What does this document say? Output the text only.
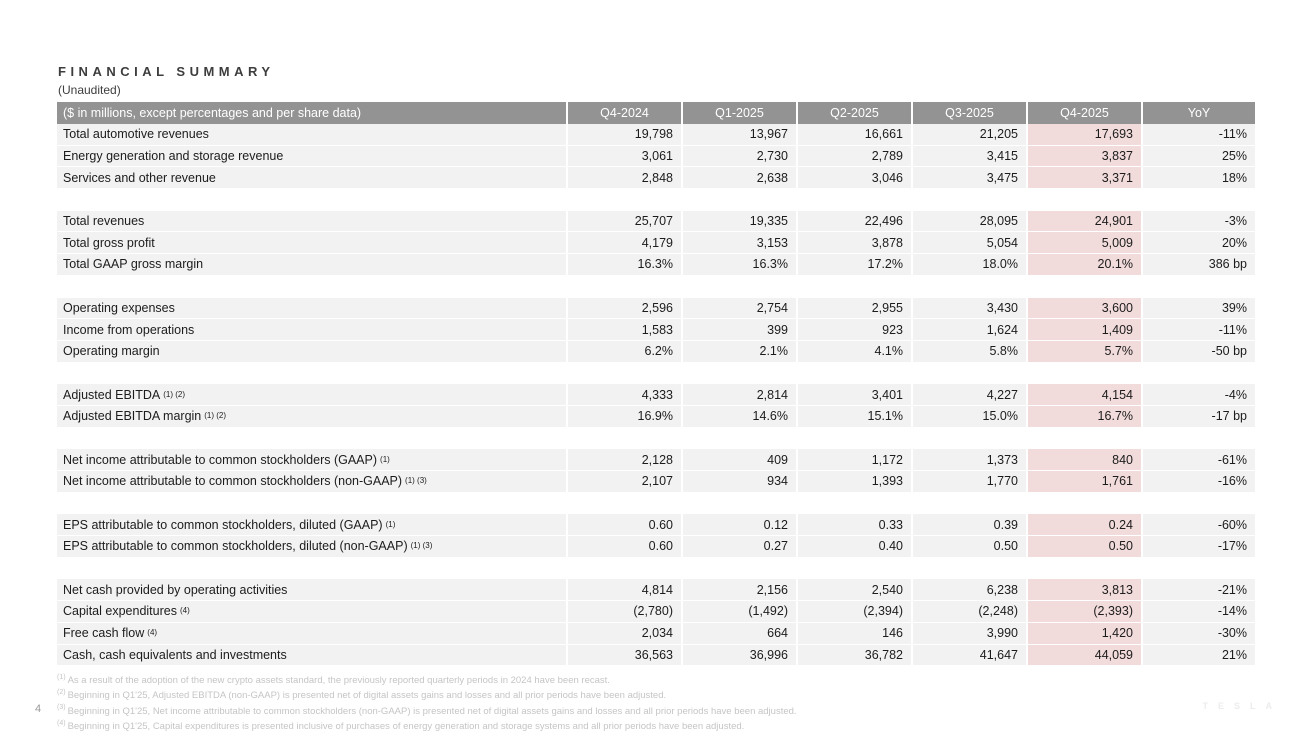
FINANCIAL SUMMARY
(Unaudited)
($ in millions, except percentages and per share data)	Q4-2024	Q1-2025	Q2-2025	Q3-2025	Q4-2025	YoY
Total automotive revenues	19,798	13,967	16,661	21,205	17,693	-11%
Energy generation and storage revenue	3,061	2,730	2,789	3,415	3,837	25%
Services and other revenue	2,848	2,638	3,046	3,475	3,371	18%
Total revenues	25,707	19,335	22,496	28,095	24,901	-3%
Total gross profit	4,179	3,153	3,878	5,054	5,009	20%
Total GAAP gross margin	16.3%	16.3%	17.2%	18.0%	20.1%	386 bp
Operating expenses	2,596	2,754	2,955	3,430	3,600	39%
Income from operations	1,583	399	923	1,624	1,409	-11%
Operating margin	6.2%	2.1%	4.1%	5.8%	5.7%	-50 bp
Adjusted EBITDA (1) (2)	4,333	2,814	3,401	4,227	4,154	-4%
Adjusted EBITDA margin (1) (2)	16.9%	14.6%	15.1%	15.0%	16.7%	-17 bp
Net income attributable to common stockholders (GAAP) (1)	2,128	409	1,172	1,373	840	-61%
Net income attributable to common stockholders (non-GAAP) (1) (3)	2,107	934	1,393	1,770	1,761	-16%
EPS attributable to common stockholders, diluted (GAAP) (1)	0.60	0.12	0.33	0.39	0.24	-60%
EPS attributable to common stockholders, diluted (non-GAAP) (1) (3)	0.60	0.27	0.40	0.50	0.50	-17%
Net cash provided by operating activities	4,814	2,156	2,540	6,238	3,813	-21%
Capital expenditures (4)	(2,780)	(1,492)	(2,394)	(2,248)	(2,393)	-14%
Free cash flow (4)	2,034	664	146	3,990	1,420	-30%
Cash, cash equivalents and investments	36,563	36,996	36,782	41,647	44,059	21%
$^{(1)}$ As a result of the adoption of the new crypto assets standard, the previously reported quarterly periods in 2024 have been recast.
$^{(2)}$ Beginning in Q1'25, Adjusted EBITDA (non-GAAP) is presented net of digital assets gains and losses and all prior periods have been adjusted.
$^{(3)}$ Beginning in Q1'25, Net income attributable to common stockholders (non-GAAP) is presented net of digital assets gains and losses and all prior periods have been adjusted.
$^{(4)}$ Beginning in Q1'25, Capital expenditures is presented inclusive of purchases of energy generation and storage systems and all prior periods have been adjusted.
4	TESLA
